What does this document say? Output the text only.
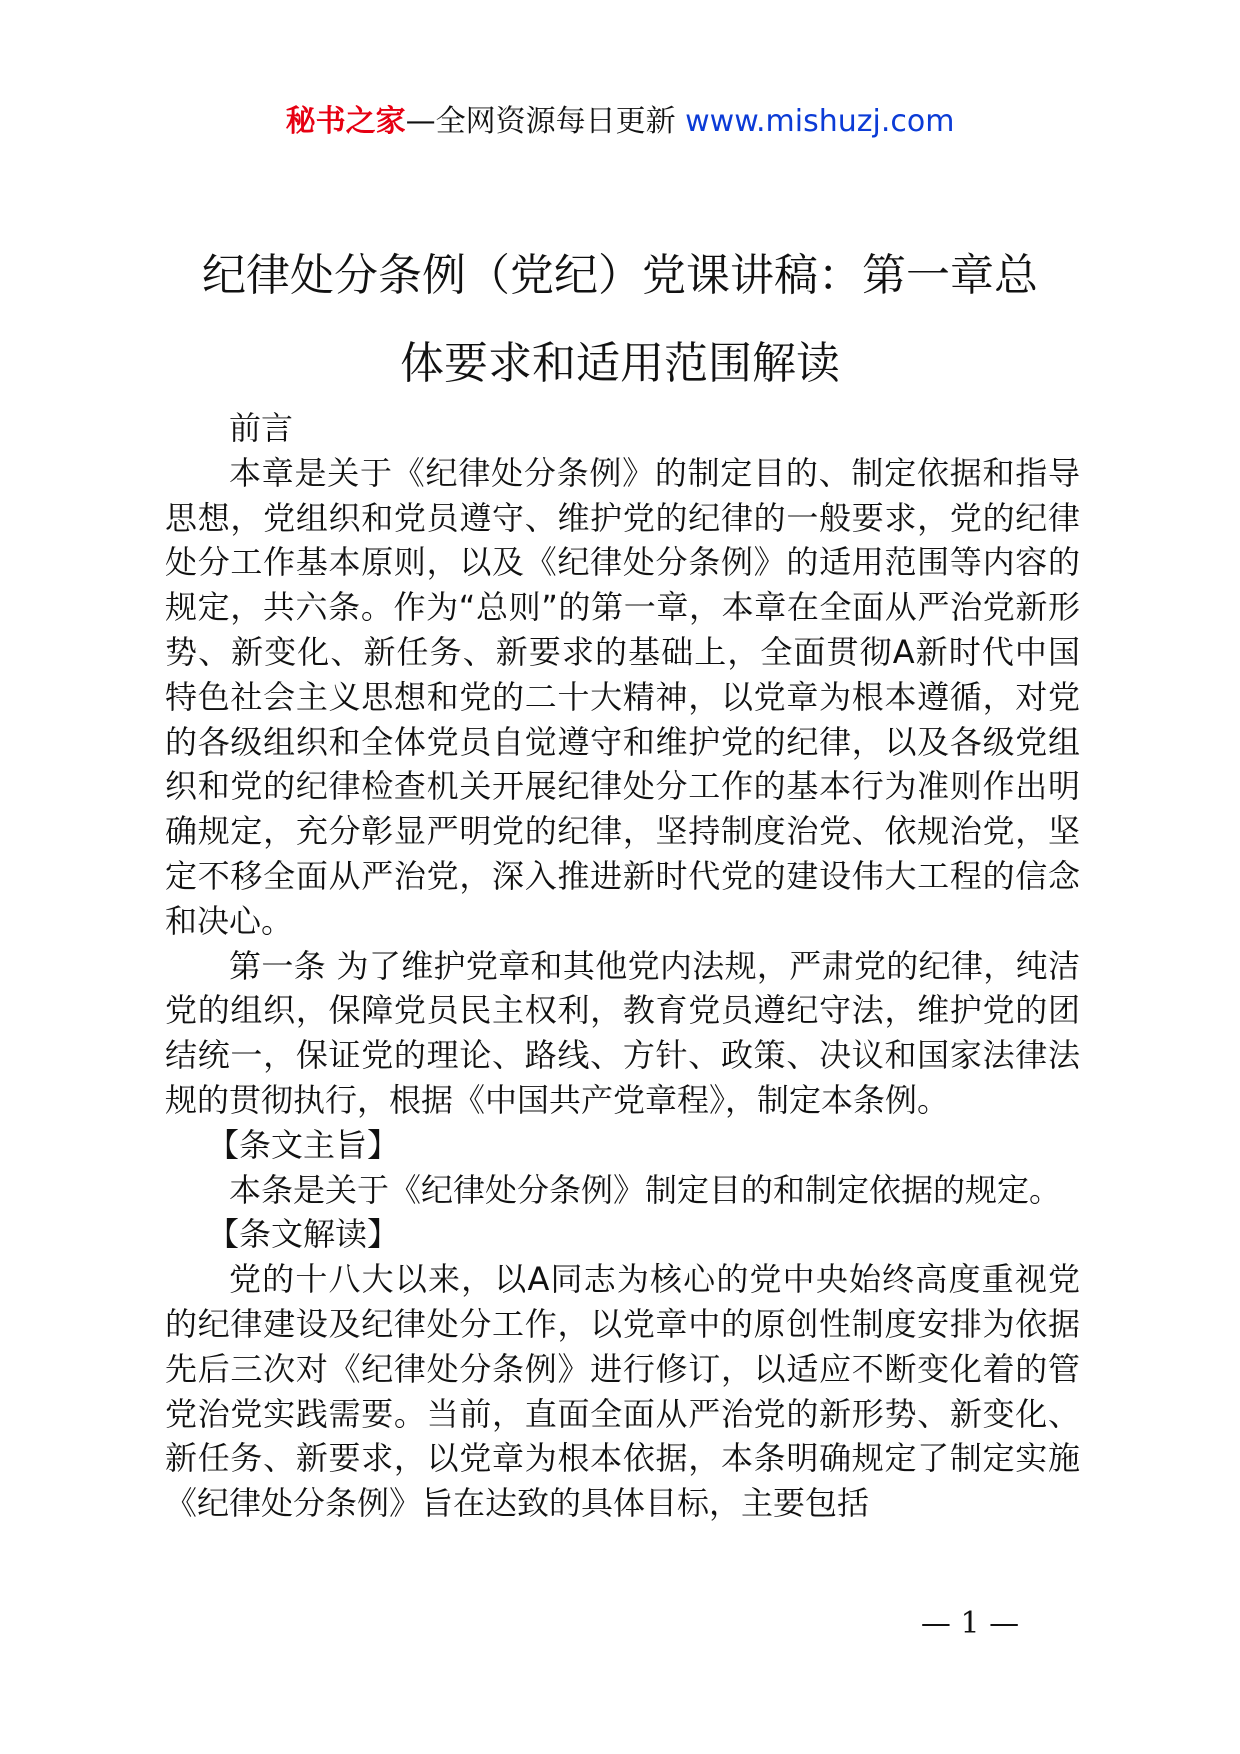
秘书之家—全网资源每日更新 www.mishuzj.com
纪律处分条例（党纪）党课讲稿：第一章总
体要求和适用范围解读

前言

本章是关于《纪律处分条例》的制定目的、制定依据和指导思想，党组织和党员遵守、维护党的纪律的一般要求，党的纪律处分工作基本原则，以及《纪律处分条例》的适用范围等内容的规定，共六条。作为“总则”的第一章，本章在全面从严治党新形势、新变化、新任务、新要求的基础上，全面贯彻A新时代中国特色社会主义思想和党的二十大精神，以党章为根本遵循，对党的各级组织和全体党员自觉遵守和维护党的纪律，以及各级党组织和党的纪律检查机关开展纪律处分工作的基本行为准则作出明确规定，充分彰显严明党的纪律，坚持制度治党、依规治党，坚定不移全面从严治党，深入推进新时代党的建设伟大工程的信念和决心。

第一条 为了维护党章和其他党内法规，严肃党的纪律，纯洁党的组织，保障党员民主权利，教育党员遵纪守法，维护党的团结统一，保证党的理论、路线、方针、政策、决议和国家法律法规的贯彻执行，根据《中国共产党章程》，制定本条例。

【条文主旨】

本条是关于《纪律处分条例》制定目的和制定依据的规定。

【条文解读】

党的十八大以来，以A同志为核心的党中央始终高度重视党的纪律建设及纪律处分工作，以党章中的原创性制度安排为依据先后三次对《纪律处分条例》进行修订，以适应不断变化着的管党治党实践需要。当前，直面全面从严治党的新形势、新变化、新任务、新要求，以党章为根本依据，本条明确规定了制定实施《纪律处分条例》旨在达致的具体目标，主要包括

— 1 —
